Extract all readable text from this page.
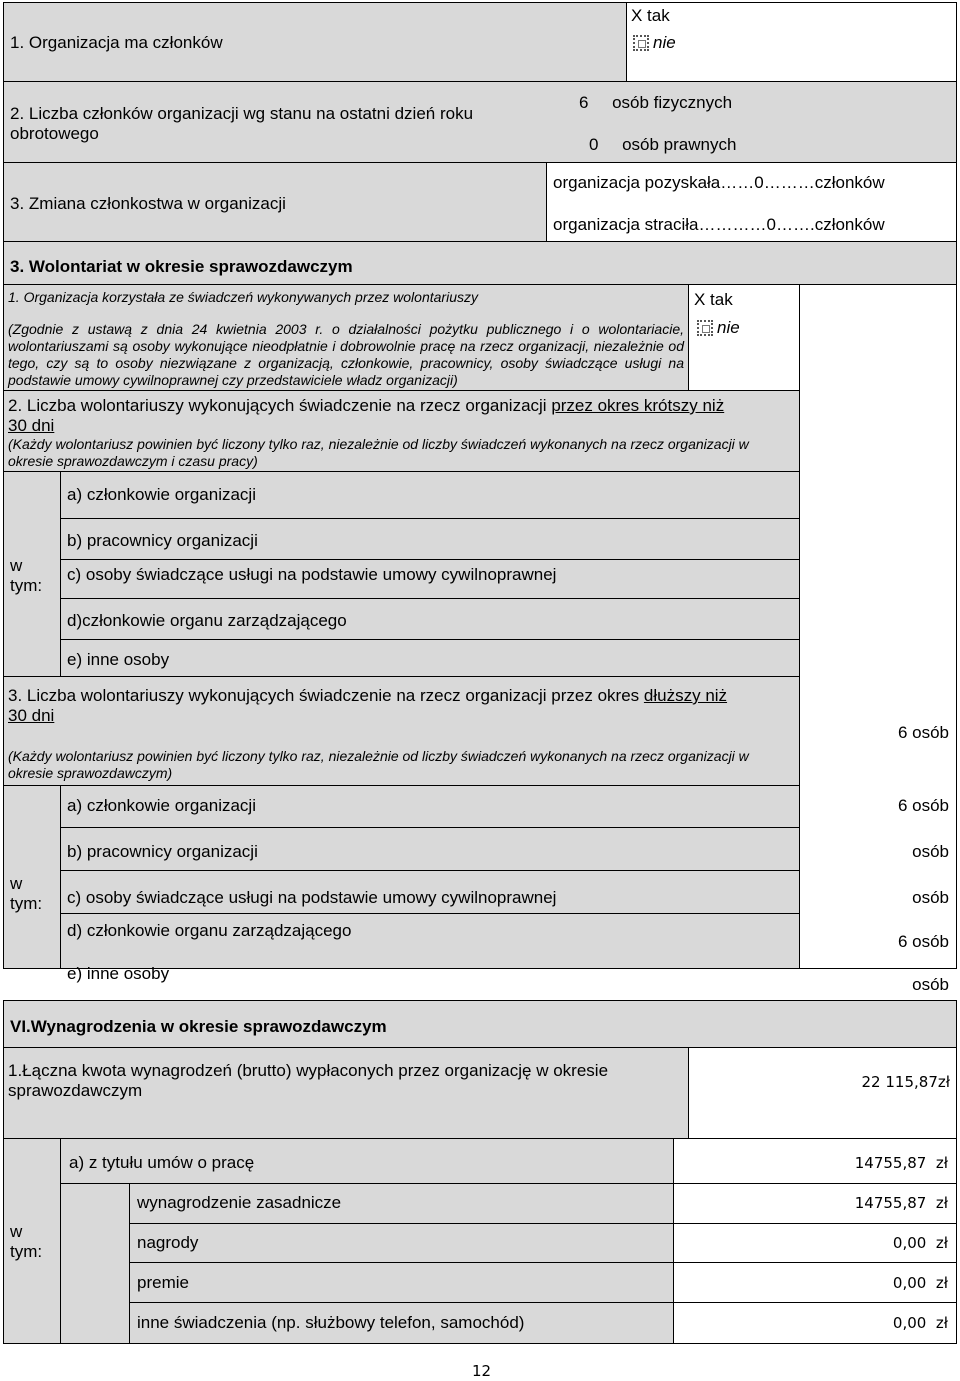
1. Organizacja ma członków
X tak
nie
2. Liczba członków organizacji wg stanu na ostatni dzień roku obrotowego
6     osób fizycznych
0     osób prawnych
3. Zmiana członkostwa w organizacji
organizacja pozyskała……0………członków
organizacja straciła…………0…….członków
3. Wolontariat w okresie sprawozdawczym
1. Organizacja korzystała ze świadczeń wykonywanych przez wolontariuszy
(Zgodnie z ustawą z dnia 24 kwietnia 2003 r. o działalności pożytku publicznego i o wolontariacie, wolontariuszami są osoby wykonujące nieodpłatnie i dobrowolnie pracę na rzecz organizacji, niezależnie od tego, czy są to osoby niezwiązane z organizacją, członkowie, pracownicy, osoby świadczące usługi na podstawie umowy cywilnoprawnej czy przedstawiciele władz organizacji)
X tak
nie
2. Liczba wolontariuszy wykonujących świadczenie na rzecz organizacji przez okres krótszy niż
30 dni
(Każdy wolontariusz powinien być liczony tylko raz, niezależnie od liczby świadczeń wykonanych na rzecz organizacji w okresie sprawozdawczym i czasu pracy)
w tym:
a) członkowie organizacji
b) pracownicy organizacji
c) osoby świadczące usługi na podstawie umowy cywilnoprawnej
d)członkowie organu zarządzającego
e) inne osoby
3. Liczba wolontariuszy wykonujących świadczenie na rzecz organizacji przez okres dłuższy niż
30 dni
(Każdy wolontariusz powinien być liczony tylko raz, niezależnie od liczby świadczeń wykonanych na rzecz organizacji w okresie sprawozdawczym)
6 osób
w tym:
a) członkowie organizacji
b) pracownicy organizacji
c) osoby świadczące usługi na podstawie umowy cywilnoprawnej
d) członkowie organu zarządzającego
e) inne osoby
6 osób
osób
osób
6 osób
osób
VI.Wynagrodzenia w okresie sprawozdawczym
1.Łączna kwota wynagrodzeń (brutto) wypłaconych przez organizację w okresie sprawozdawczym	22 115,87zł
w tym:
a) z tytułu umów o pracę	14755,87  zł
wynagrodzenie zasadnicze
nagrody
premie
inne świadczenia (np. służbowy telefon, samochód)
14755,87  zł
0,00  zł
0,00  zł
0,00  zł
12
